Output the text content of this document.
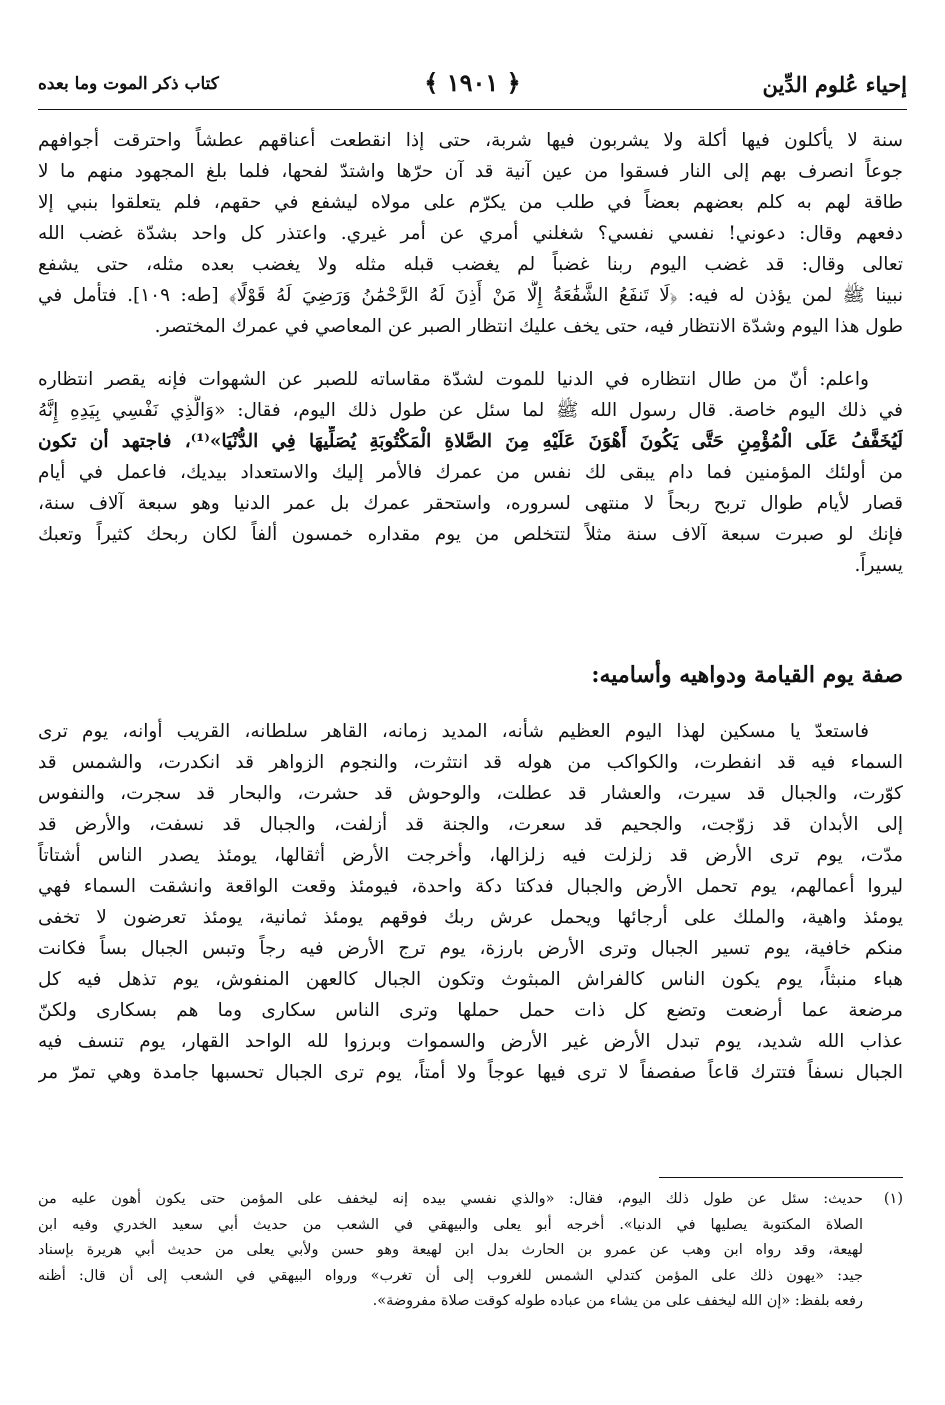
إحياء عُلوم الدِّين
﴿ ١٩٠١ ﴾
كتاب ذكر الموت وما بعده
سنة لا يأكلون فيها أكلة ولا يشربون فيها شربة، حتى إذا انقطعت أعناقهم عطشاً واحترقت أجوافهم
جوعاً انصرف بهم إلى النار فسقوا من عين آنية قد آن حرّها واشتدّ لفحها، فلما بلغ المجهود منهم ما لا
طاقة لهم به كلم بعضهم بعضاً في طلب من يكرّم على مولاه ليشفع في حقهم، فلم يتعلقوا بنبي إلا
دفعهم وقال: دعوني! نفسي نفسي؟ شغلني أمري عن أمر غيري. واعتذر كل واحد بشدّة غضب الله
تعالى وقال: قد غضب اليوم ربنا غضباً لم يغضب قبله مثله ولا يغضب بعده مثله، حتى يشفع
نبينا ﷺ لمن يؤذن له فيه: ﴿لَا تَنفَعُ الشَّفَٰعَةُ إِلَّا مَنْ أَذِنَ لَهُ الرَّحْمَٰنُ وَرَضِيَ لَهُ قَوْلًا﴾ [طه: ١٠٩]. فتأمل في
طول هذا اليوم وشدّة الانتظار فيه، حتى يخف عليك انتظار الصبر عن المعاصي في عمرك المختصر.
واعلم: أنّ من طال انتظاره في الدنيا للموت لشدّة مقاساته للصبر عن الشهوات فإنه يقصر انتظاره
في ذلك اليوم خاصة. قال رسول الله ﷺ لما سئل عن طول ذلك اليوم، فقال: «وَالَّذِي نَفْسِي بِيَدِهِ إِنَّهُ
لَيُخَفَّفُ عَلَى الْمُؤْمِنِ حَتَّى يَكُونَ أَهْوَنَ عَلَيْهِ مِنَ الصَّلاةِ الْمَكْتُوبَةِ يُصَلِّيهَا فِي الدُّنْيَا»⁽¹⁾، فاجتهد أن تكون
من أولئك المؤمنين فما دام يبقى لك نفس من عمرك فالأمر إليك والاستعداد بيديك، فاعمل في أيام
قصار لأيام طوال تربح ربحاً لا منتهى لسروره، واستحقر عمرك بل عمر الدنيا وهو سبعة آلاف سنة،
فإنك لو صبرت سبعة آلاف سنة مثلاً لتتخلص من يوم مقداره خمسون ألفاً لكان ربحك كثيراً وتعبك
يسيراً.
صفة يوم القيامة ودواهيه وأساميه:
فاستعدّ يا مسكين لهذا اليوم العظيم شأنه، المديد زمانه، القاهر سلطانه، القريب أوانه، يوم ترى
السماء فيه قد انفطرت، والكواكب من هوله قد انتثرت، والنجوم الزواهر قد انكدرت، والشمس قد
كوّرت، والجبال قد سيرت، والعشار قد عطلت، والوحوش قد حشرت، والبحار قد سجرت، والنفوس
إلى الأبدان قد زوّجت، والجحيم قد سعرت، والجنة قد أزلفت، والجبال قد نسفت، والأرض قد
مدّت، يوم ترى الأرض قد زلزلت فيه زلزالها، وأخرجت الأرض أثقالها، يومئذ يصدر الناس أشتاتاً
ليروا أعمالهم، يوم تحمل الأرض والجبال فدكتا دكة واحدة، فيومئذ وقعت الواقعة وانشقت السماء فهي
يومئذ واهية، والملك على أرجائها ويحمل عرش ربك فوقهم يومئذ ثمانية، يومئذ تعرضون لا تخفى
منكم خافية، يوم تسير الجبال وترى الأرض بارزة، يوم ترج الأرض فيه رجاً وتبس الجبال بساً فكانت
هباء منبثاً، يوم يكون الناس كالفراش المبثوث وتكون الجبال كالعهن المنفوش، يوم تذهل فيه كل
مرضعة عما أرضعت وتضع كل ذات حمل حملها وترى الناس سكارى وما هم بسكارى ولكنّ
عذاب الله شديد، يوم تبدل الأرض غير الأرض والسموات وبرزوا لله الواحد القهار، يوم تنسف فيه
الجبال نسفاً فتترك قاعاً صفصفاً لا ترى فيها عوجاً ولا أمتاً، يوم ترى الجبال تحسبها جامدة وهي تمرّ مر
(١)
حديث: سئل عن طول ذلك اليوم، فقال: «والذي نفسي بيده إنه ليخفف على المؤمن حتى يكون أهون عليه من
الصلاة المكتوبة يصليها في الدنيا». أخرجه أبو يعلى والبيهقي في الشعب من حديث أبي سعيد الخدري وفيه ابن
لهيعة، وقد رواه ابن وهب عن عمرو بن الحارث بدل ابن لهيعة وهو حسن ولأبي يعلى من حديث أبي هريرة بإسناد
جيد: «يهون ذلك على المؤمن كتدلي الشمس للغروب إلى أن تغرب» ورواه البيهقي في الشعب إلى أن قال: أظنه
رفعه بلفظ: «إن الله ليخفف على من يشاء من عباده طوله كوقت صلاة مفروضة».
